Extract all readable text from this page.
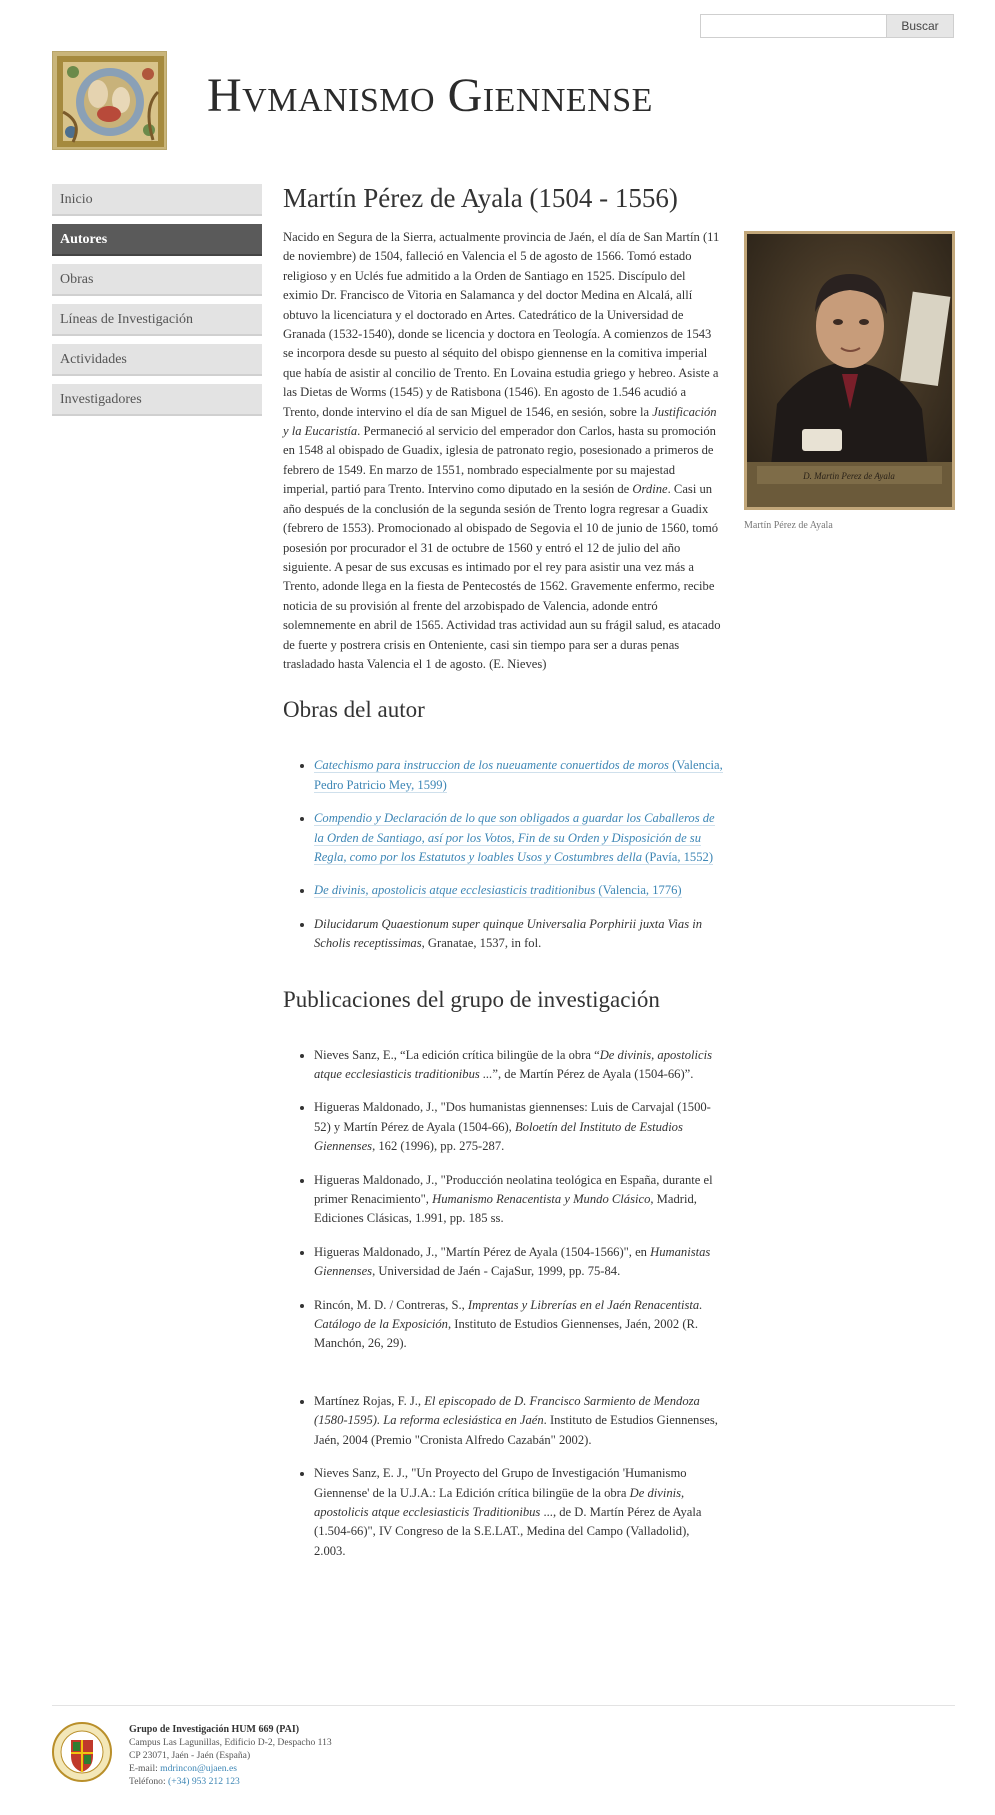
Buscar
Hvmanismo Giennense
Inicio
Autores
Obras
Líneas de Investigación
Actividades
Investigadores
Martín Pérez de Ayala (1504 - 1556)

Nacido en Segura de la Sierra, actualmente provincia de Jaén, el día de San Martín (11 de noviembre) de 1504, falleció en Valencia el 5 de agosto de 1566. Tomó estado religioso y en Uclés fue admitido a la Orden de Santiago en 1525. Discípulo del eximio Dr. Francisco de Vitoria en Salamanca y del doctor Medina en Alcalá, allí obtuvo la licenciatura y el doctorado en Artes. Catedrático de la Universidad de Granada (1532-1540), donde se licencia y doctora en Teología. A comienzos de 1543 se incorpora desde su puesto al séquito del obispo giennense en la comitiva imperial que había de asistir al concilio de Trento. En Lovaina estudia griego y hebreo. Asiste a las Dietas de Worms (1545) y de Ratisbona (1546). En agosto de 1.546 acudió a Trento, donde intervino el día de san Miguel de 1546, en sesión, sobre la Justificación y la Eucaristía. Permaneció al servicio del emperador don Carlos, hasta su promoción en 1548 al obispado de Guadix, iglesia de patronato regio, posesionado a primeros de febrero de 1549. En marzo de 1551, nombrado especialmente por su majestad imperial, partió para Trento. Intervino como diputado en la sesión de Ordine. Casi un año después de la conclusión de la segunda sesión de Trento logra regresar a Guadix (febrero de 1553). Promocionado al obispado de Segovia el 10 de junio de 1560, tomó posesión por procurador el 31 de octubre de 1560 y entró el 12 de julio del año siguiente. A pesar de sus excusas es intimado por el rey para asistir una vez más a Trento, adonde llega en la fiesta de Pentecostés de 1562. Gravemente enfermo, recibe noticia de su provisión al frente del arzobispado de Valencia, adonde entró solemnemente en abril de 1565. Actividad tras actividad aun su frágil salud, es atacado de fuerte y postrera crisis en Onteniente, casi sin tiempo para ser a duras penas trasladado hasta Valencia el 1 de agosto. (E. Nieves)

Obras del autor
• Catechismo para instruccion de los nueuamente conuertidos de moros (Valencia, Pedro Patricio Mey, 1599)
• Compendio y Declaración de lo que son obligados a guardar los Caballeros de la Orden de Santiago, así por los Votos, Fin de su Orden y Disposición de su Regla, como por los Estatutos y loables Usos y Costumbres della (Pavía, 1552)
• De divinis, apostolicis atque ecclesiasticis traditionibus (Valencia, 1776)
• Dilucidarum Quaestionum super quinque Universalia Porphirii juxta Vias in Scholis receptissimas, Granatae, 1537, in fol.
Publicaciones del grupo de investigación
• Nieves Sanz, E., “La edición crítica bilingüe de la obra “De divinis, apostolicis atque ecclesiasticis traditionibus ...”, de Martín Pérez de Ayala (1504-66)”.
• Higueras Maldonado, J., "Dos humanistas giennenses: Luis de Carvajal (1500-52) y Martín Pérez de Ayala (1504-66), Boloetín del Instituto de Estudios Giennenses, 162 (1996), pp. 275-287.
• Higueras Maldonado, J., "Producción neolatina teológica en España, durante el primer Renacimiento", Humanismo Renacentista y Mundo Clásico, Madrid, Ediciones Clásicas, 1.991, pp. 185 ss.
• Higueras Maldonado, J., "Martín Pérez de Ayala (1504-1566)", en Humanistas Giennenses, Universidad de Jaén - CajaSur, 1999, pp. 75-84.
• Rincón, M. D. / Contreras, S., Imprentas y Librerías en el Jaén Renacentista. Catálogo de la Exposición, Instituto de Estudios Giennenses, Jaén, 2002 (R. Manchón, 26, 29).
• Martínez Rojas, F. J., El episcopado de D. Francisco Sarmiento de Mendoza (1580-1595). La reforma eclesiástica en Jaén. Instituto de Estudios Giennenses, Jaén, 2004 (Premio "Cronista Alfredo Cazabán" 2002).
• Nieves Sanz, E. J., "Un Proyecto del Grupo de Investigación 'Humanismo Giennense' de la U.J.A.: La Edición crítica bilingüe de la obra De divinis, apostolicis atque ecclesiasticis Traditionibus ..., de D. Martín Pérez de Ayala (1.504-66)", IV Congreso de la S.E.LAT., Medina del Campo (Valladolid), 2.003.
D. Martin Perez de Ayala
Martín Pérez de Ayala
Grupo de Investigación HUM 669 (PAI)
Campus Las Lagunillas, Edificio D-2, Despacho 113
CP 23071, Jaén - Jaén (España)
E-mail: mdrincon@ujaen.es
Teléfono: (+34) 953 212 123
